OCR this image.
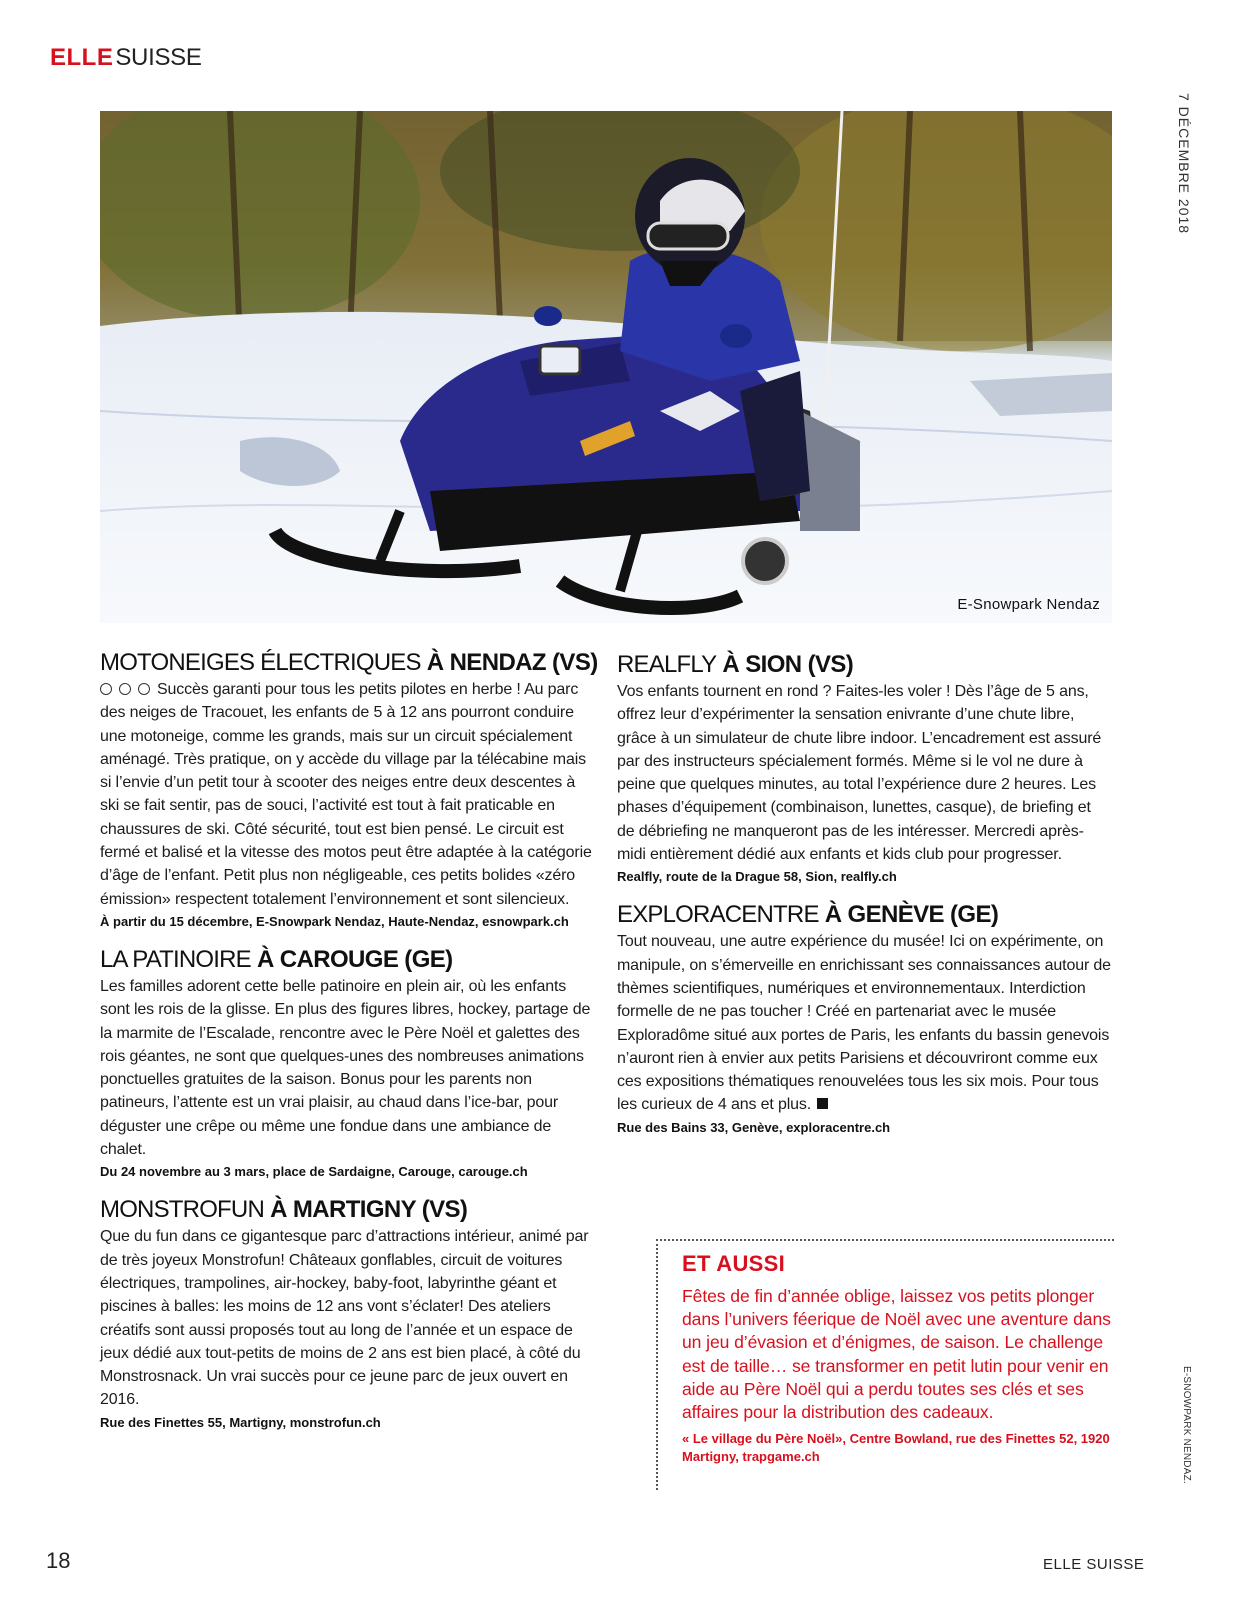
ELLESUISSE
7 DÉCEMBRE 2018
E-Snowpark Nendaz
MOTONEIGES ÉLECTRIQUES À NENDAZ (VS)

Succès garanti pour tous les petits pilotes en herbe ! Au parc des neiges de Tracouet, les enfants de 5 à 12 ans pourront conduire une motoneige, comme les grands, mais sur un circuit spécialement aménagé. Très pratique, on y accède du village par la télécabine mais si l’envie d’un petit tour à scooter des neiges entre deux descentes à ski se fait sentir, pas de souci, l’activité est tout à fait praticable en chaussures de ski. Côté sécurité, tout est bien pensé. Le circuit est fermé et balisé et la vitesse des motos peut être adaptée à la catégorie d’âge de l’enfant. Petit plus non négligeable, ces petits bolides «zéro émission» respectent totalement l’environnement et sont silencieux.

À partir du 15 décembre, E-Snowpark Nendaz, Haute-Nendaz, esnowpark.ch

LA PATINOIRE À CAROUGE (GE)

Les familles adorent cette belle patinoire en plein air, où les enfants sont les rois de la glisse. En plus des figures libres, hockey, partage de la marmite de l’Escalade, rencontre avec le Père Noël et galettes des rois géantes, ne sont que quelques-unes des nombreuses animations ponctuelles gratuites de la saison. Bonus pour les parents non patineurs, l’attente est un vrai plaisir, au chaud dans l’ice-bar, pour déguster une crêpe ou même une fondue dans une ambiance de chalet.

Du 24 novembre au 3 mars, place de Sardaigne, Carouge, carouge.ch

MONSTROFUN À MARTIGNY (VS)

Que du fun dans ce gigantesque parc d’attractions intérieur, animé par de très joyeux Monstrofun! Châteaux gonflables, circuit de voitures électriques, trampolines, air-hockey, baby-foot, labyrinthe géant et piscines à balles: les moins de 12 ans vont s’éclater! Des ateliers créatifs sont aussi proposés tout au long de l’année et un espace de jeux dédié aux tout-petits de moins de 2 ans est bien placé, à côté du Monstrosnack. Un vrai succès pour ce jeune parc de jeux ouvert en 2016.

Rue des Finettes 55, Martigny, monstrofun.ch

REALFLY À SION (VS)

Vos enfants tournent en rond ? Faites-les voler ! Dès l’âge de 5 ans, offrez leur d’expérimenter la sensation enivrante d’une chute libre, grâce à un simulateur de chute libre indoor. L’encadrement est assuré par des instructeurs spécialement formés. Même si le vol ne dure à peine que quelques minutes, au total l’expérience dure 2 heures. Les phases d’équipement (combinaison, lunettes, casque), de briefing et de débriefing ne manqueront pas de les intéresser. Mercredi après-midi entièrement dédié aux enfants et kids club pour progresser.

Realfly, route de la Drague 58, Sion, realfly.ch

EXPLORACENTRE À GENÈVE (GE)

Tout nouveau, une autre expérience du musée! Ici on expérimente, on manipule, on s’émerveille en enrichissant ses connaissances autour de thèmes scientifiques, numériques et environnementaux. Interdiction formelle de ne pas toucher ! Créé en partenariat avec le musée Exploradôme situé aux portes de Paris, les enfants du bassin genevois n’auront rien à envier aux petits Parisiens et découvriront comme eux ces expositions thématiques renouvelées tous les six mois. Pour tous les curieux de 4 ans et plus.

Rue des Bains 33, Genève, exploracentre.ch

ET AUSSI

Fêtes de fin d’année oblige, laissez vos petits plonger dans l’univers féerique de Noël avec une aventure dans un jeu d’évasion et d’énigmes, de saison. Le challenge est de taille… se transformer en petit lutin pour venir en aide au Père Noël qui a perdu toutes ses clés et ses affaires pour la distribution des cadeaux.

« Le village du Père Noël», Centre Bowland, rue des Finettes 52, 1920 Martigny, trapgame.ch	E-SNOWPARK NENDAZ.
18	ELLE SUISSE
